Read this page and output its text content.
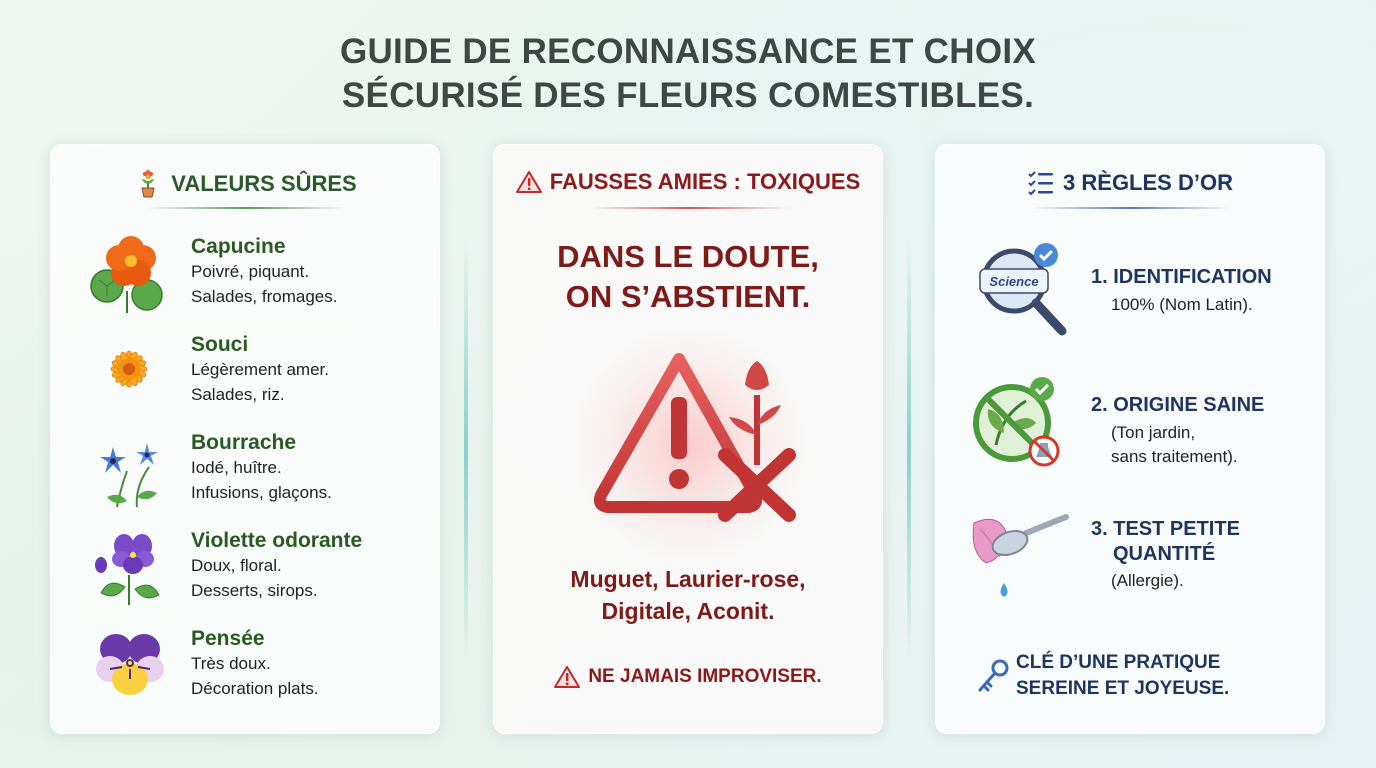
GUIDE DE RECONNAISSANCE ET CHOIX
SÉCURISÉ DES FLEURS COMESTIBLES.
VALEURS SÛRES
Capucine
Poivré, piquant.
Salades, fromages.
Souci
Légèrement amer.
Salades, riz.
Bourrache
Iodé, huître.
Infusions, glaçons.
Violette odorante
Doux, floral.
Desserts, sirops.
Pensée
Très doux.
Décoration plats.
FAUSSES AMIES : TOXIQUES
DANS LE DOUTE,
ON S’ABSTIENT.
Muguet, Laurier-rose,
Digitale, Aconit.
NE JAMAIS IMPROVISER.
3 RÈGLES D’OR
Science	1. IDENTIFICATION
100% (Nom Latin).
2. ORIGINE SAINE
(Ton jardin,
sans traitement).
3. TEST PETITE
QUANTITÉ
(Allergie).
CLÉ D’UNE PRATIQUE
SEREINE ET JOYEUSE.
